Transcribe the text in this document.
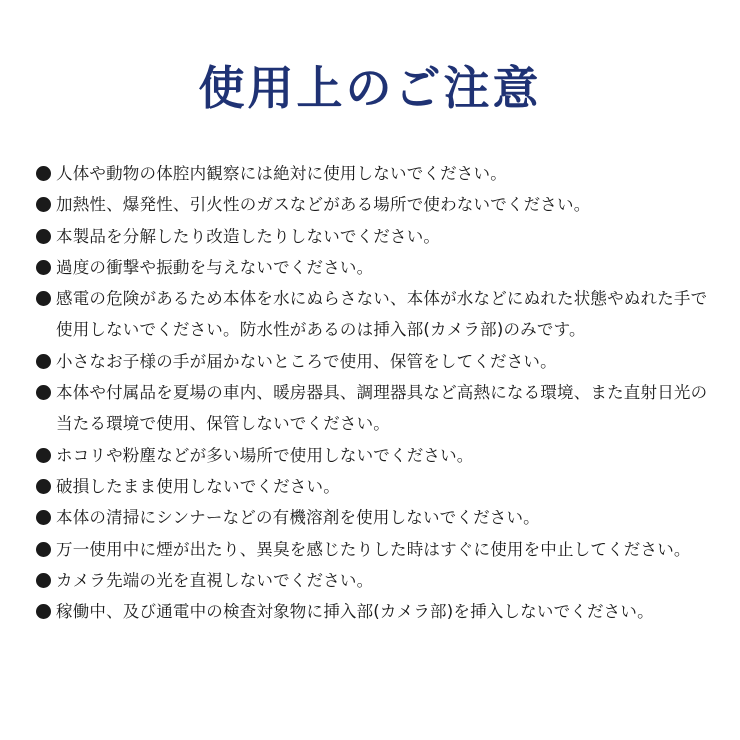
使用上のご注意
人体や動物の体腔内観察には絶対に使用しないでください。
加熱性、爆発性、引火性のガスなどがある場所で使わないでください。
本製品を分解したり改造したりしないでください。
過度の衝撃や振動を与えないでください。
感電の危険があるため本体を水にぬらさない、本体が水などにぬれた状態やぬれた手で使用しないでください。防水性があるのは挿入部(カメラ部)のみです。
小さなお子様の手が届かないところで使用、保管をしてください。
本体や付属品を夏場の車内、暖房器具、調理器具など高熱になる環境、また直射日光の当たる環境で使用、保管しないでください。
ホコリや粉塵などが多い場所で使用しないでください。
破損したまま使用しないでください。
本体の清掃にシンナーなどの有機溶剤を使用しないでください。
万一使用中に煙が出たり、異臭を感じたりした時はすぐに使用を中止してください。
カメラ先端の光を直視しないでください。
稼働中、及び通電中の検査対象物に挿入部(カメラ部)を挿入しないでください。
